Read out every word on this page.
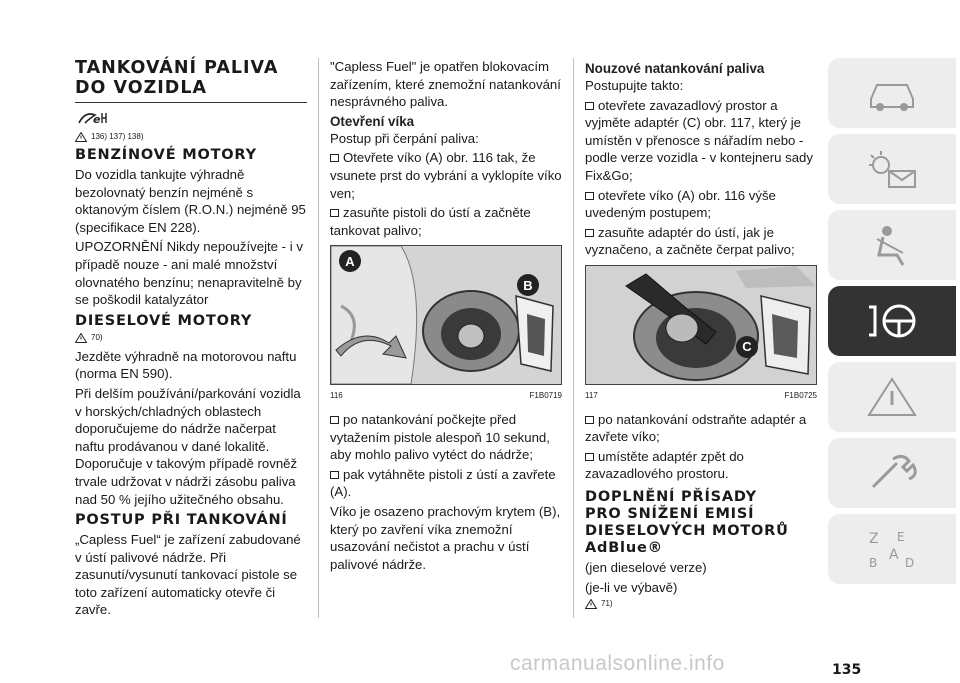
TANKOVÁNÍ PALIVA
DO VOZIDLA
e
136) 137) 138)
BENZÍNOVÉ MOTORY

Do vozidla tankujte výhradně bezolovnatý benzín nejméně s oktanovým číslem (R.O.N.) nejméně 95 (specifikace EN 228).

UPOZORNĚNÍ Nikdy nepoužívejte - i v případě nouze - ani malé množství olovnatého benzínu; nenapravitelně by se poškodil katalyzátor

DIESELOVÉ MOTORY
70)

Jezděte výhradně na motorovou naftu (norma EN 590).

Při delším používání/parkování vozidla v horských/chladných oblastech doporučujeme do nádrže načerpat naftu prodávanou v dané lokalitě. Doporučuje v takovým případě rovněž trvale udržovat v nádrži zásobu paliva nad 50 % jejího užitečného obsahu.

POSTUP PŘI TANKOVÁNÍ

„Capless Fuel“ je zařízení zabudované v ústí palivové nádrže. Při zasunutí/vysunutí tankovací pistole se toto zařízení automaticky otevře či zavře.

"Capless Fuel" je opatřen blokovacím zařízením, které znemožní natankování nesprávného paliva.

Otevření víka

Postup při čerpání paliva:

Otevřete víko (A) obr. 116 tak, že vsunete prst do vybrání a vyklopíte víko ven;

zasuňte pistoli do ústí a začněte tankovat palivo;

A
B
116	F1B0719

po natankování počkejte před vytažením pistole alespoň 10 sekund, aby mohlo palivo vytéct do nádrže;

pak vytáhněte pistoli z ústí a zavřete (A).

Víko je osazeno prachovým krytem (B), který po zavření víka znemožní usazování nečistot a prachu v ústí palivové nádrže.

Nouzové natankování paliva

Postupujte takto:

otevřete zavazadlový prostor a vyjměte adaptér (C) obr. 117, který je umístěn v přenosce s nářadím nebo - podle verze vozidla - v kontejneru sady Fix&Go;

otevřete víko (A) obr. 116 výše uvedeným postupem;

zasuňte adaptér do ústí, jak je vyznačeno, a začněte čerpat palivo;

C
117	F1B0725

po natankování odstraňte adaptér a zavřete víko;

umístěte adaptér zpět do zavazadlového prostoru.

DOPLNĚNÍ PŘÍSADY
PRO SNÍŽENÍ EMISÍ
DIESELOVÝCH MOTORŮ
AdBlue®

(jen dieselové verze)

(je-li ve výbavě)

71)
Z E
B A D
135
carmanualsonline.info
